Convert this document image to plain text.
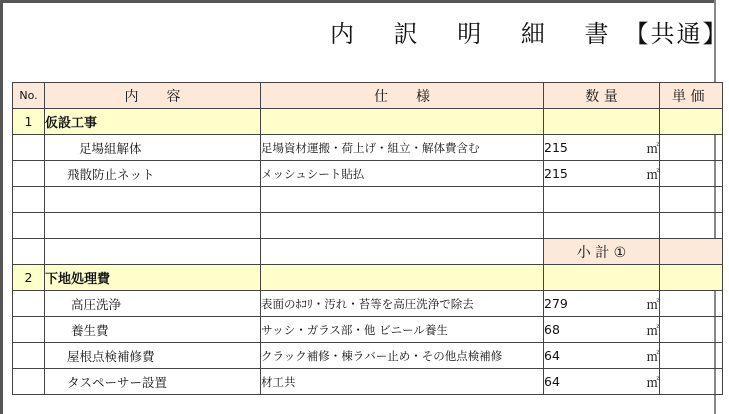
内 訳 明 細 書【共通】
No.	内　　容	仕　　様	数 量		単 価
1	仮設工事				
	足場組解体	足場資材運搬・荷上げ・組立・解体費含む	215	㎡	
	飛散防止ネット	メッシュシート貼払	215	㎡	

			小 計 ①		
2	下地処理費				
	高圧洗浄	表面のﾎｺﾘ・汚れ・苔等を高圧洗浄で除去	279	㎡	
	養生費	サッシ・ガラス部・他 ビニール養生	68	㎡	
	屋根点検補修費	クラック補修・棟ラバー止め・その他点検補修	64	㎡	
	タスペーサー設置	材工共	64	㎡	
